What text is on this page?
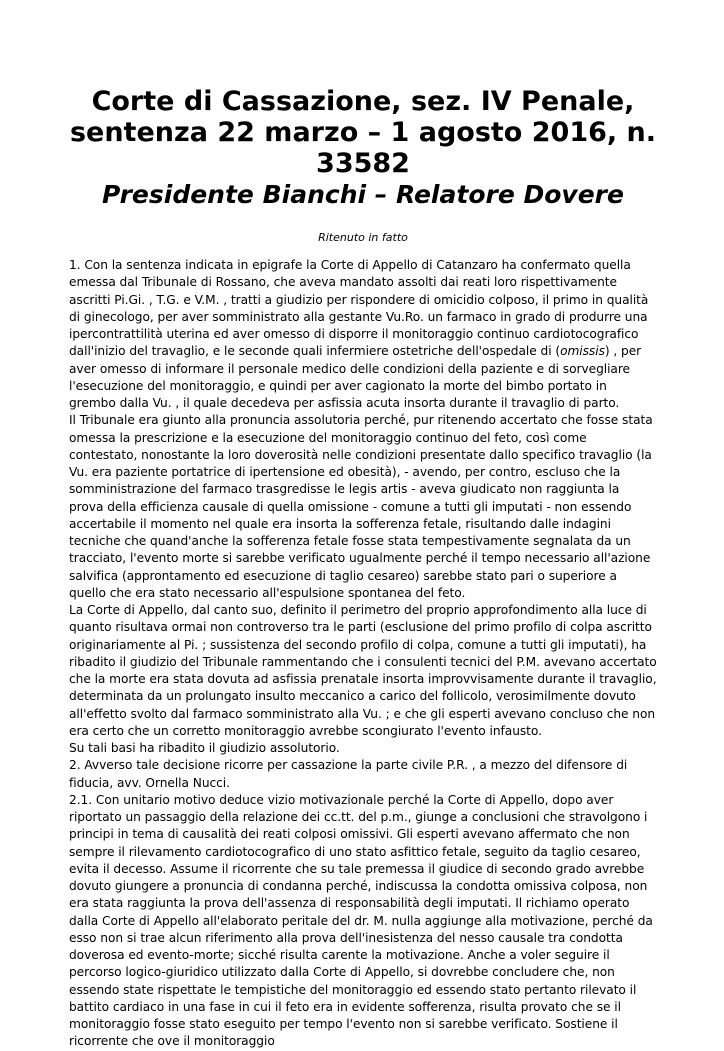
Corte di Cassazione, sez. IV Penale, sentenza 22 marzo – 1 agosto 2016, n. 33582
Presidente Bianchi – Relatore Dovere
Ritenuto in fatto

1. Con la sentenza indicata in epigrafe la Corte di Appello di Catanzaro ha confermato quella emessa dal Tribunale di Rossano, che aveva mandato assolti dai reati loro rispettivamente ascritti Pi.Gi. , T.G. e V.M. , tratti a giudizio per rispondere di omicidio colposo, il primo in qualità di ginecologo, per aver somministrato alla gestante Vu.Ro. un farmaco in grado di produrre una ipercontrattilità uterina ed aver omesso di disporre il monitoraggio continuo cardiotocografico dall'inizio del travaglio, e le seconde quali infermiere ostetriche dell'ospedale di (omissis) , per aver omesso di informare il personale medico delle condizioni della paziente e di sorvegliare l'esecuzione del monitoraggio, e quindi per aver cagionato la morte del bimbo portato in grembo dalla Vu. , il quale decedeva per asfissia acuta insorta durante il travaglio di parto.

Il Tribunale era giunto alla pronuncia assolutoria perché, pur ritenendo accertato che fosse stata omessa la prescrizione e la esecuzione del monitoraggio continuo del feto, così come contestato, nonostante la loro doverosità nelle condizioni presentate dallo specifico travaglio (la Vu. era paziente portatrice di ipertensione ed obesità), - avendo, per contro, escluso che la somministrazione del farmaco trasgredisse le legis artis - aveva giudicato non raggiunta la prova della efficienza causale di quella omissione - comune a tutti gli imputati - non essendo accertabile il momento nel quale era insorta la sofferenza fetale, risultando dalle indagini tecniche che quand'anche la sofferenza fetale fosse stata tempestivamente segnalata da un tracciato, l'evento morte si sarebbe verificato ugualmente perché il tempo necessario all'azione salvifica (approntamento ed esecuzione di taglio cesareo) sarebbe stato pari o superiore a quello che era stato necessario all'espulsione spontanea del feto.

La Corte di Appello, dal canto suo, definito il perimetro del proprio approfondimento alla luce di quanto risultava ormai non controverso tra le parti (esclusione del primo profilo di colpa ascritto originariamente al Pi. ; sussistenza del secondo profilo di colpa, comune a tutti gli imputati), ha ribadito il giudizio del Tribunale rammentando che i consulenti tecnici del P.M. avevano accertato che la morte era stata dovuta ad asfissia prenatale insorta improvvisamente durante il travaglio, determinata da un prolungato insulto meccanico a carico del follicolo, verosimilmente dovuto all'effetto svolto dal farmaco somministrato alla Vu. ; e che gli esperti avevano concluso che non era certo che un corretto monitoraggio avrebbe scongiurato l'evento infausto.

Su tali basi ha ribadito il giudizio assolutorio.

2. Avverso tale decisione ricorre per cassazione la parte civile P.R. , a mezzo del difensore di fiducia, avv. Ornella Nucci.

2.1. Con unitario motivo deduce vizio motivazionale perché la Corte di Appello, dopo aver riportato un passaggio della relazione dei cc.tt. del p.m., giunge a conclusioni che stravolgono i principi in tema di causalità dei reati colposi omissivi. Gli esperti avevano affermato che non sempre il rilevamento cardiotocografico di uno stato asfittico fetale, seguito da taglio cesareo, evita il decesso. Assume il ricorrente che su tale premessa il giudice di secondo grado avrebbe dovuto giungere a pronuncia di condanna perché, indiscussa la condotta omissiva colposa, non era stata raggiunta la prova dell'assenza di responsabilità degli imputati. Il richiamo operato dalla Corte di Appello all'elaborato peritale del dr. M. nulla aggiunge alla motivazione, perché da esso non si trae alcun riferimento alla prova dell'inesistenza del nesso causale tra condotta doverosa ed evento-morte; sicché risulta carente la motivazione. Anche a voler seguire il percorso logico-giuridico utilizzato dalla Corte di Appello, si dovrebbe concludere che, non essendo state rispettate le tempistiche del monitoraggio ed essendo stato pertanto rilevato il battito cardiaco in una fase in cui il feto era in evidente sofferenza, risulta provato che se il monitoraggio fosse stato eseguito per tempo l'evento non si sarebbe verificato. Sostiene il ricorrente che ove il monitoraggio
